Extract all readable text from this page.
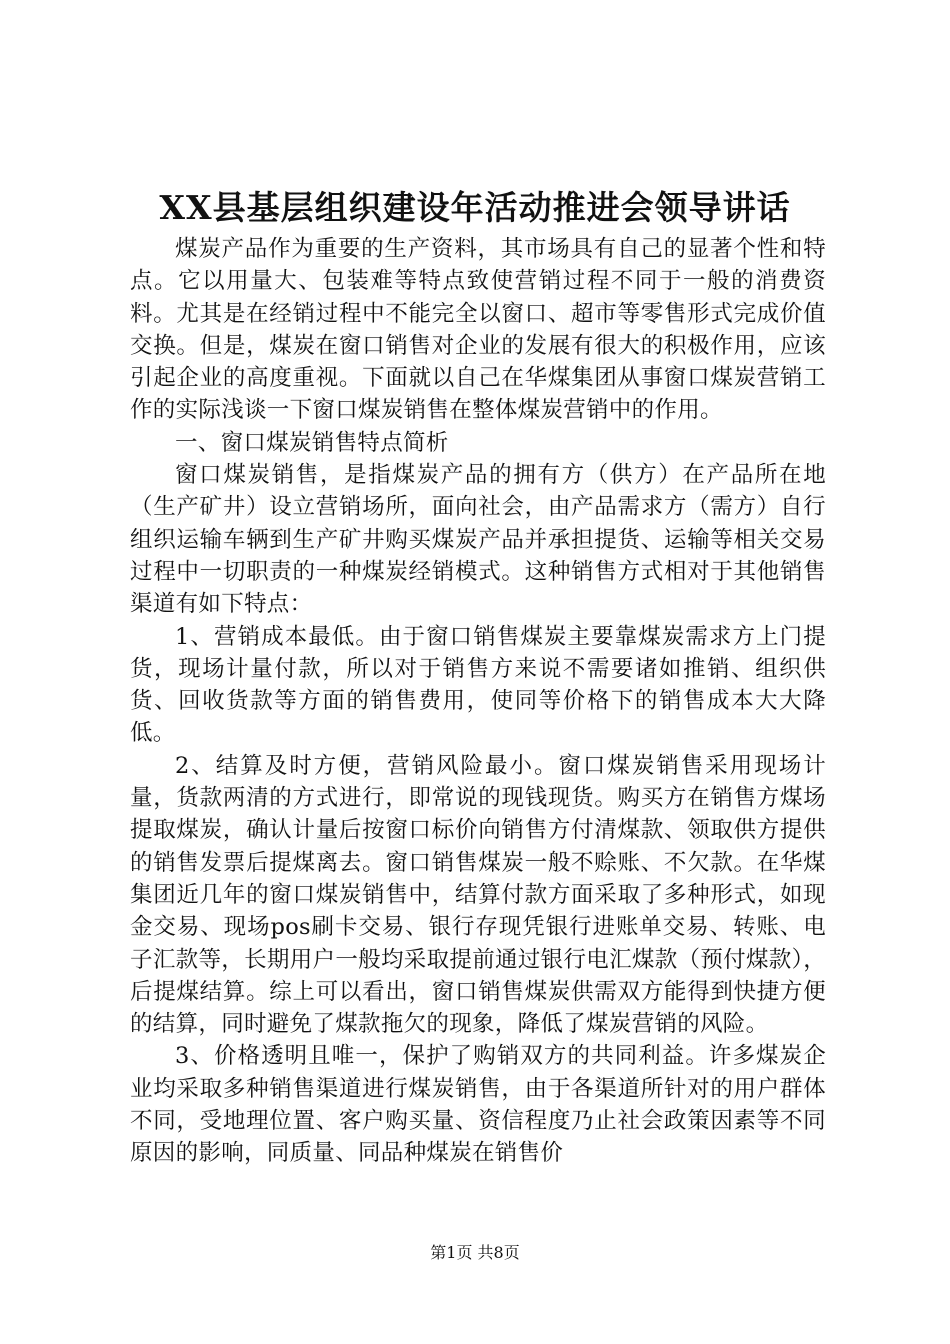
XX县基层组织建设年活动推进会领导讲话

煤炭产品作为重要的生产资料，其市场具有自己的显著个性和特点。它以用量大、包装难等特点致使营销过程不同于一般的消费资料。尤其是在经销过程中不能完全以窗口、超市等零售形式完成价值交换。但是，煤炭在窗口销售对企业的发展有很大的积极作用，应该引起企业的高度重视。下面就以自己在华煤集团从事窗口煤炭营销工作的实际浅谈一下窗口煤炭销售在整体煤炭营销中的作用。

一、窗口煤炭销售特点简析

窗口煤炭销售，是指煤炭产品的拥有方（供方）在产品所在地（生产矿井）设立营销场所，面向社会，由产品需求方（需方）自行组织运输车辆到生产矿井购买煤炭产品并承担提货、运输等相关交易过程中一切职责的一种煤炭经销模式。这种销售方式相对于其他销售渠道有如下特点：

1、营销成本最低。由于窗口销售煤炭主要靠煤炭需求方上门提货，现场计量付款，所以对于销售方来说不需要诸如推销、组织供货、回收货款等方面的销售费用，使同等价格下的销售成本大大降低。

2、结算及时方便，营销风险最小。窗口煤炭销售采用现场计量，货款两清的方式进行，即常说的现钱现货。购买方在销售方煤场提取煤炭，确认计量后按窗口标价向销售方付清煤款、领取供方提供的销售发票后提煤离去。窗口销售煤炭一般不赊账、不欠款。在华煤集团近几年的窗口煤炭销售中，结算付款方面采取了多种形式，如现金交易、现场pos刷卡交易、银行存现凭银行进账单交易、转账、电子汇款等，长期用户一般均采取提前通过银行电汇煤款（预付煤款），后提煤结算。综上可以看出，窗口销售煤炭供需双方能得到快捷方便的结算，同时避免了煤款拖欠的现象，降低了煤炭营销的风险。

3、价格透明且唯一，保护了购销双方的共同利益。许多煤炭企业均采取多种销售渠道进行煤炭销售，由于各渠道所针对的用户群体不同，受地理位置、客户购买量、资信程度乃止社会政策因素等不同原因的影响，同质量、同品种煤炭在销售价

第1页 共8页
